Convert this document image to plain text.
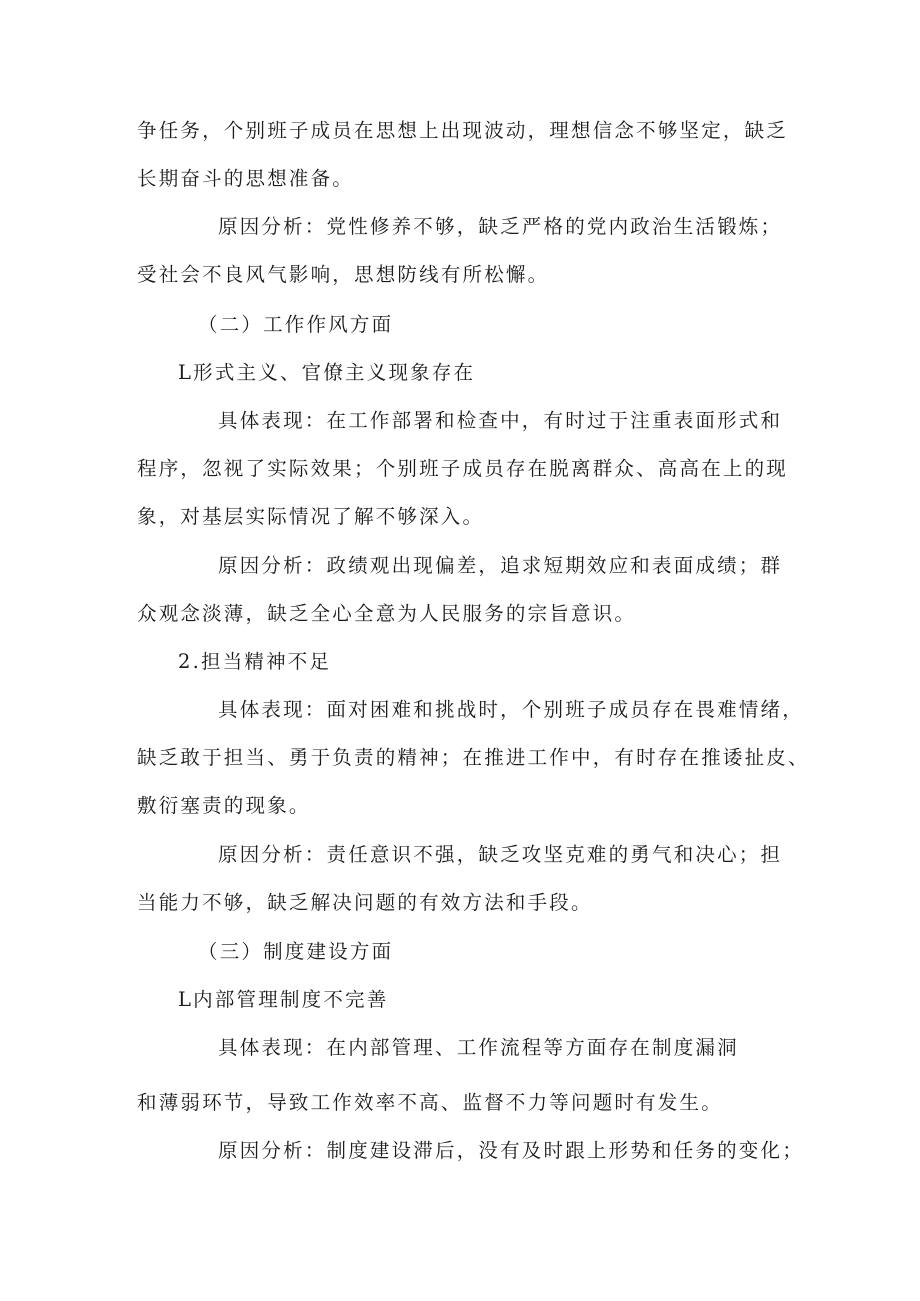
争任务，个别班子成员在思想上出现波动，理想信念不够坚定，缺乏

长期奋斗的思想准备。

原因分析：党性修养不够，缺乏严格的党内政治生活锻炼；

受社会不良风气影响，思想防线有所松懈。

（二）工作作风方面

L形式主义、官僚主义现象存在

具体表现：在工作部署和检查中，有时过于注重表面形式和

程序，忽视了实际效果；个别班子成员存在脱离群众、高高在上的现

象，对基层实际情况了解不够深入。

原因分析：政绩观出现偏差，追求短期效应和表面成绩；群

众观念淡薄，缺乏全心全意为人民服务的宗旨意识。

2.担当精神不足

具体表现：面对困难和挑战时，个别班子成员存在畏难情绪，

缺乏敢于担当、勇于负责的精神；在推进工作中，有时存在推诿扯皮、

敷衍塞责的现象。

原因分析：责任意识不强，缺乏攻坚克难的勇气和决心；担

当能力不够，缺乏解决问题的有效方法和手段。

（三）制度建设方面

L内部管理制度不完善

具体表现：在内部管理、工作流程等方面存在制度漏洞

和薄弱环节，导致工作效率不高、监督不力等问题时有发生。

原因分析：制度建设滞后，没有及时跟上形势和任务的变化；
